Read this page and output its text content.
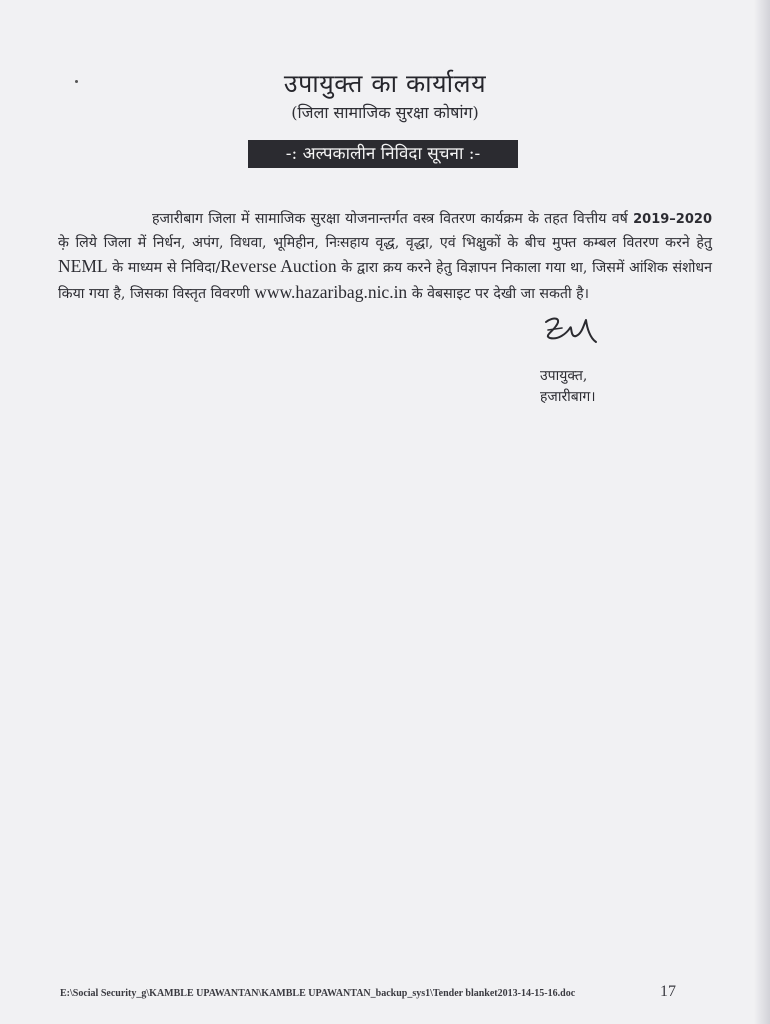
उपायुक्त का कार्यालय
(जिला सामाजिक सुरक्षा कोषांग)
-: अल्पकालीन निविदा सूचना :-
हजारीबाग जिला में सामाजिक सुरक्षा योजनान्तर्गत वस्त्र वितरण कार्यक्रम के तहत वित्तीय वर्ष 2019–2020 के लिये जिला में निर्धन, अपंग, विधवा, भूमिहीन, निःसहाय वृद्ध, वृद्धा, एवं भिक्षुकों के बीच मुफ्त कम्बल वितरण करने हेतु NEML के माध्यम से निविदा/Reverse Auction के द्वारा क्रय करने हेतु विज्ञापन निकाला गया था, जिसमें आंशिक संशोधन किया गया है, जिसका विस्तृत विवरणी www.hazaribag.nic.in के वेबसाइट पर देखी जा सकती है।
उपायुक्त,
हजारीबाग।
E:\Social Security_g\KAMBLE UPAWANTAN\KAMBLE UPAWANTAN_backup_sys1\Tender blanket2013-14-15-16.doc	17
